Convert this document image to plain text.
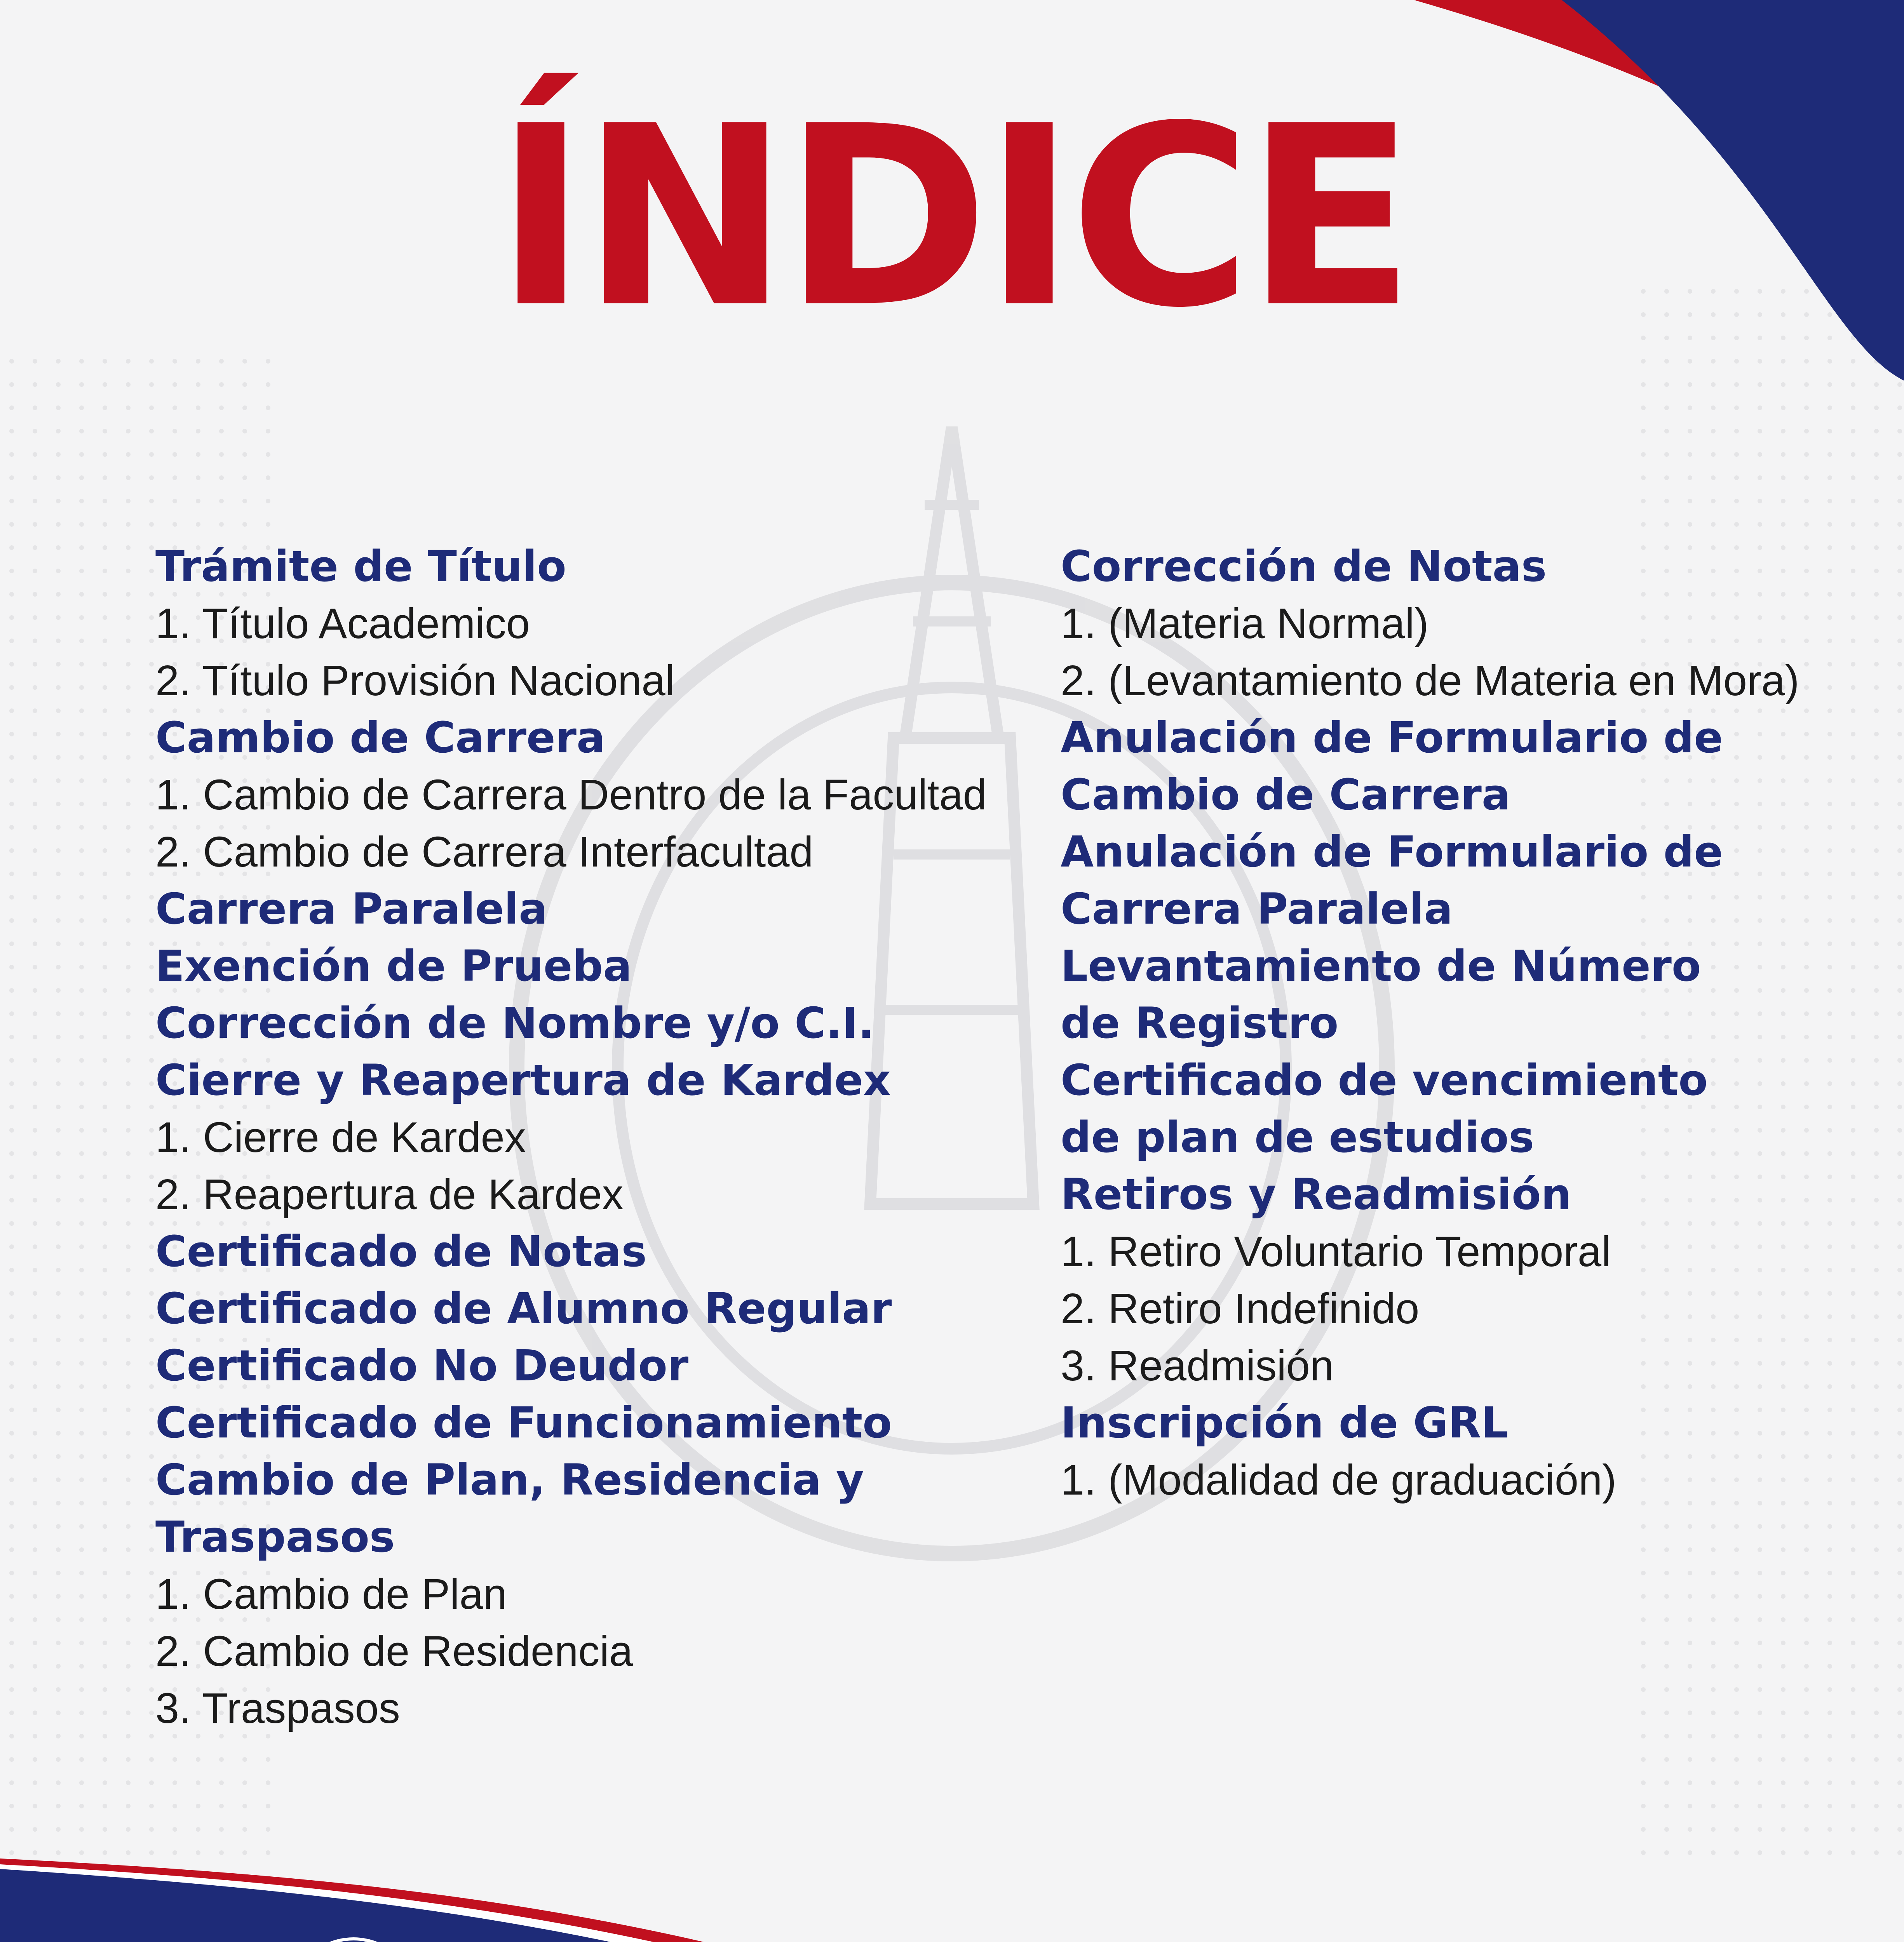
ÍNDICE
Trámite de Título
1. Título Academico
2. Título Provisión Nacional
Cambio de Carrera
1. Cambio de Carrera Dentro de la Facultad
2. Cambio de Carrera Interfacultad
Carrera Paralela
Exención de Prueba
Corrección de Nombre y/o C.I.
Cierre y Reapertura de Kardex
1. Cierre de Kardex
2. Reapertura de Kardex
Certificado de Notas
Certificado de Alumno Regular
Certificado No Deudor
Certificado de Funcionamiento
Cambio de Plan, Residencia y
Traspasos
1. Cambio de Plan
2. Cambio de Residencia
3. Traspasos
Corrección de Notas
1. (Materia Normal)
2. (Levantamiento de Materia en Mora)
Anulación de Formulario de
Cambio de Carrera
Anulación de Formulario de
Carrera Paralela
Levantamiento de Número
de Registro
Certificado de vencimiento
de plan de estudios
Retiros y Readmisión
1. Retiro Voluntario Temporal
2. Retiro Indefinido
3. Readmisión
Inscripción de GRL
1. (Modalidad de graduación)
